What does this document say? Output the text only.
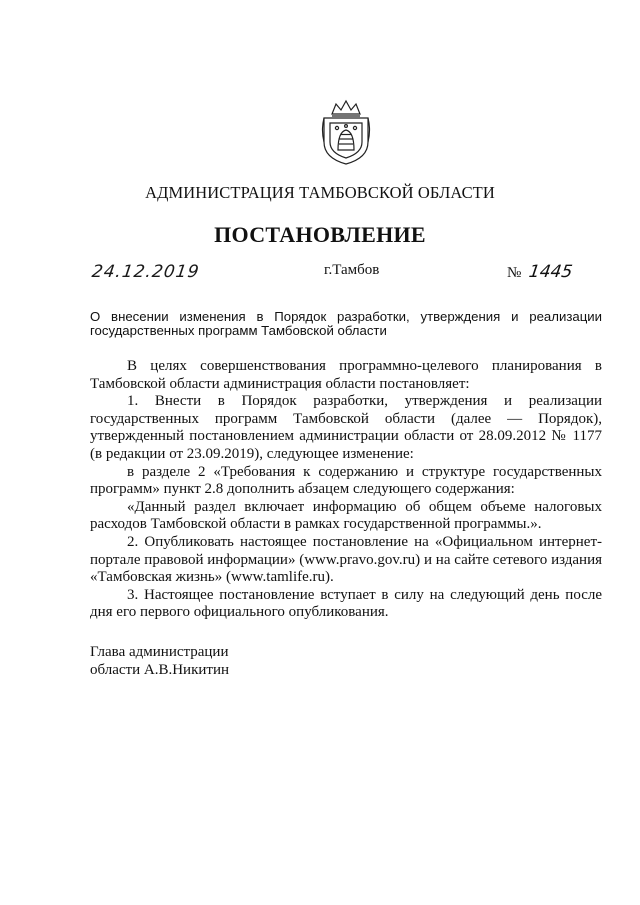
АДМИНИСТРАЦИЯ ТАМБОВСКОЙ ОБЛАСТИ
ПОСТАНОВЛЕНИЕ
24.12.2019	г.Тамбов	№ 1445
О внесении изменения в Порядок разработки, утверждения и реализации государственных программ Тамбовской области

В целях совершенствования программно-целевого планирования в Тамбовской области администрация области постановляет:

1. Внести в Порядок разработки, утверждения и реализации государственных программ Тамбовской области (далее — Порядок), утвержденный постановлением администрации области от 28.09.2012 № 1177 (в редакции от 23.09.2019), следующее изменение:

в разделе 2 «Требования к содержанию и структуре государственных программ» пункт 2.8 дополнить абзацем следующего содержания:

«Данный раздел включает информацию об общем объеме налоговых расходов Тамбовской области в рамках государственной программы.».

2. Опубликовать настоящее постановление на «Официальном интернет-портале правовой информации» (www.pravo.gov.ru) и на сайте сетевого издания «Тамбовская жизнь» (www.tamlife.ru).

3. Настоящее постановление вступает в силу на следующий день после дня его первого официального опубликования.

Глава администрации
области А.В.Никитин
